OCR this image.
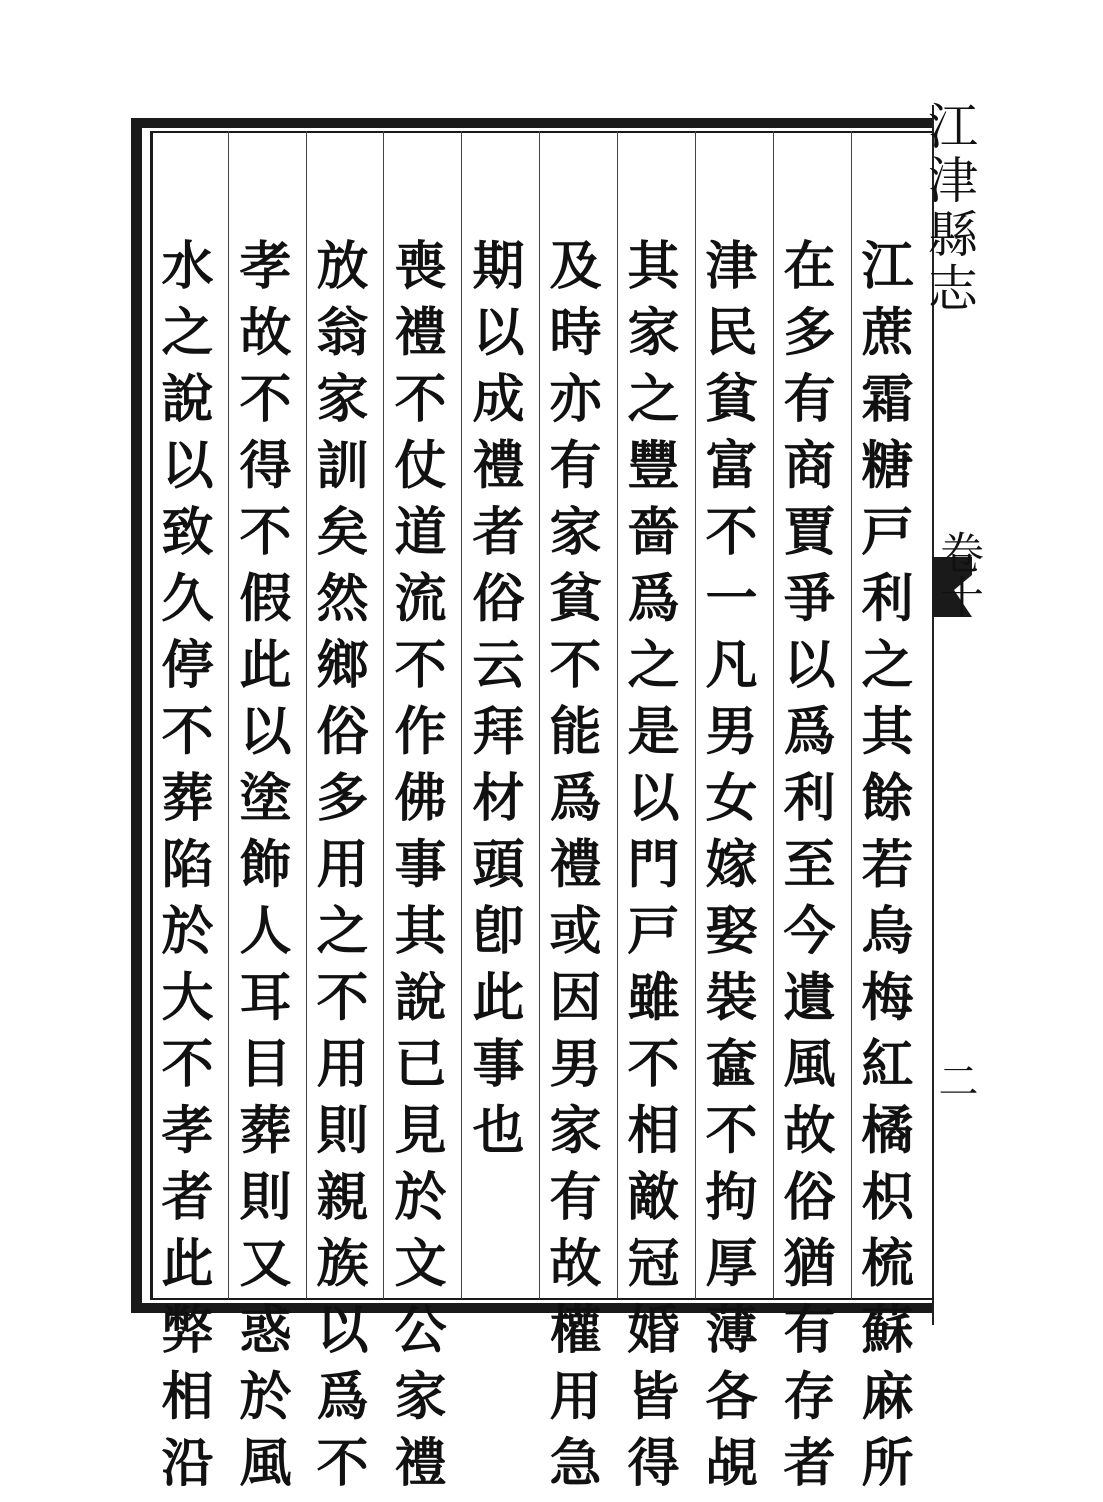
江津縣志
卷十
二
江蔗霜糖戸利之其餘若烏梅紅橘枳梳蘇麻所
在多有商賈爭以爲利至今遺風故俗猶有存者
津民貧富不一凡男女嫁娶裝奩不拘厚薄各覘
其家之豐嗇爲之是以門戸雖不相敵冠婚皆得
及時亦有家貧不能爲禮或因男家有故權用急
期以成禮者俗云拜材頭卽此事也
喪禮不仗道流不作佛事其說已見於文公家禮
放翁家訓矣然鄉俗多用之不用則親族以爲不
孝故不得不假此以塗飾人耳目葬則又惑於風
水之說以致久停不葬陷於大不孝者此弊相沿
